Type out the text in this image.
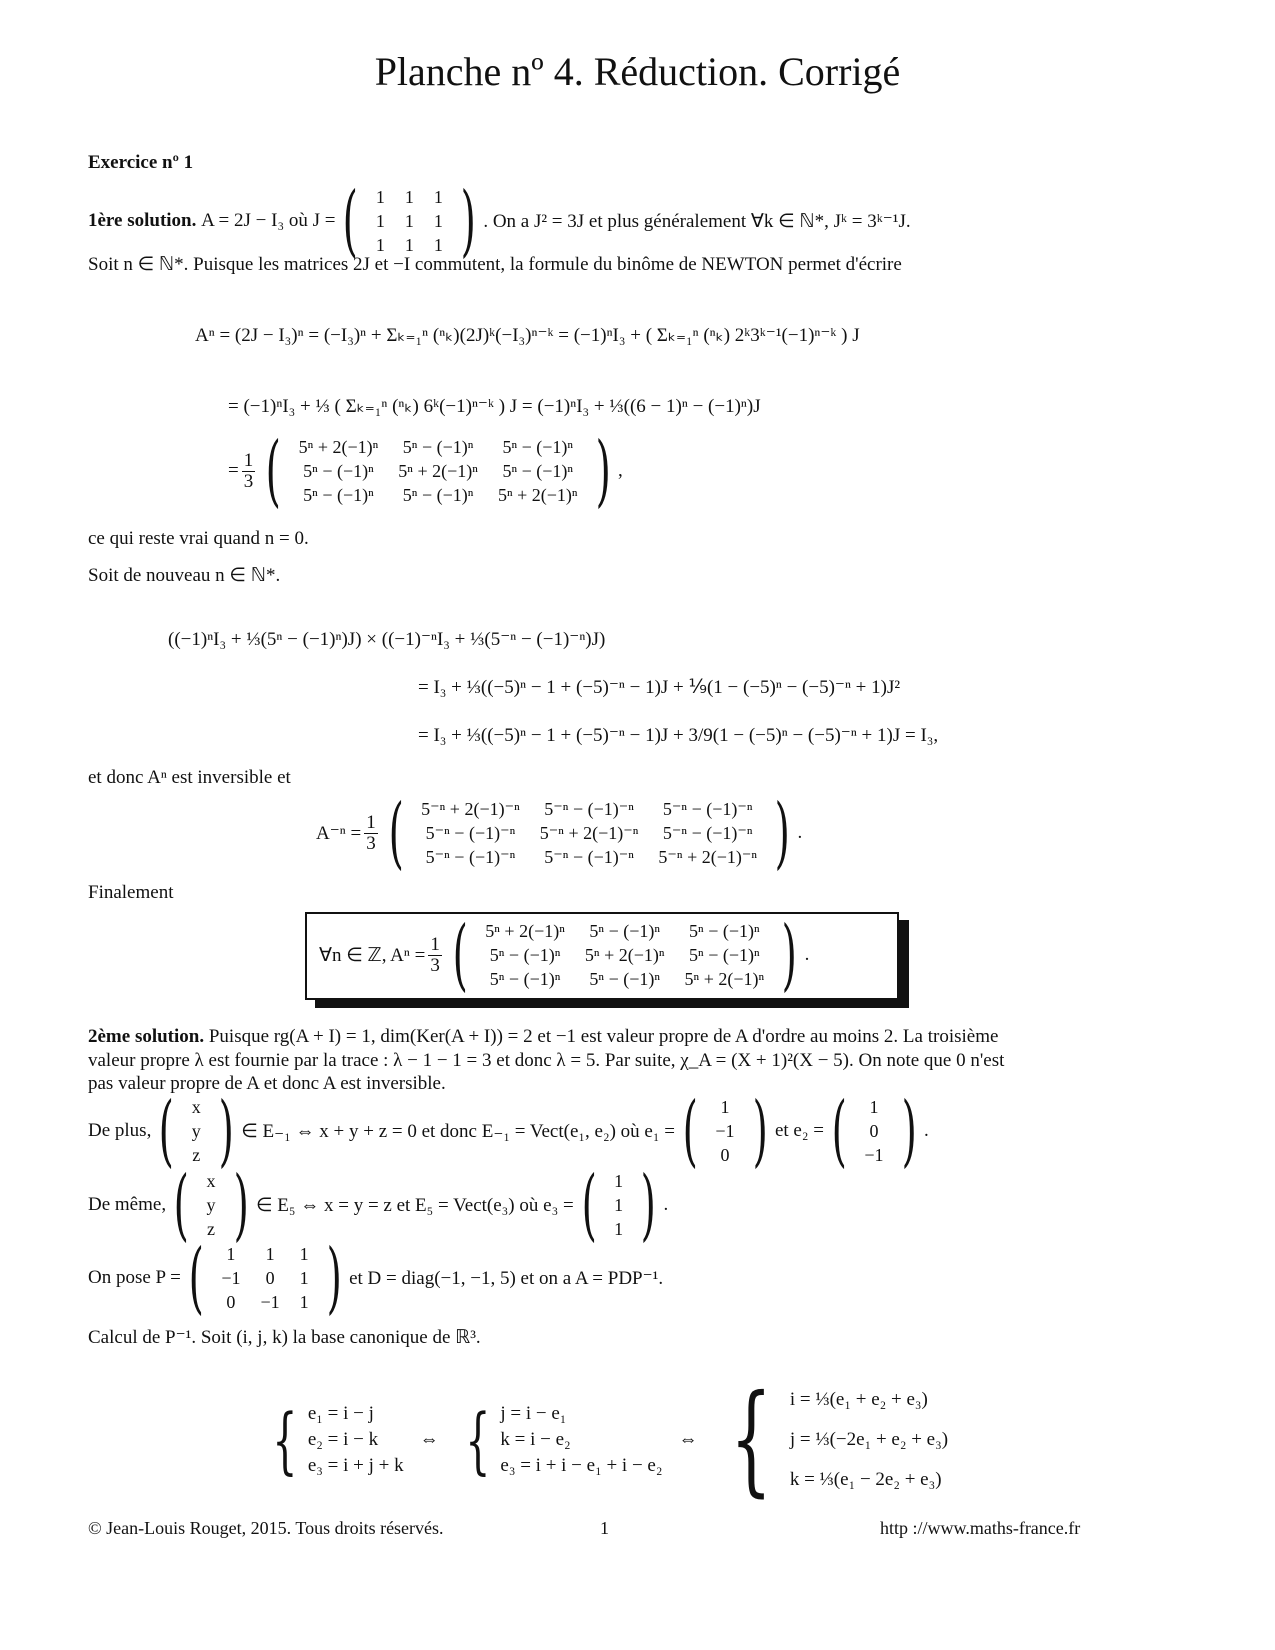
Planche nº 4. Réduction. Corrigé
Exercice nº 1
1ère solution.
A = 2J − I₃ où J = ( 1	1	1
1	1	1
1	1	1 ) . On a J² = 3J et plus généralement ∀k ∈ ℕ*, Jᵏ = 3ᵏ⁻¹J.
Soit n ∈ ℕ*. Puisque les matrices 2J et −I commutent, la formule du binôme de NEWTON permet d'écrire
Aⁿ = (2J − I₃)ⁿ = (−I₃)ⁿ + Σₖ₌₁ⁿ (ⁿₖ)(2J)ᵏ(−I₃)ⁿ⁻ᵏ = (−1)ⁿI₃ + ( Σₖ₌₁ⁿ (ⁿₖ) 2ᵏ3ᵏ⁻¹(−1)ⁿ⁻ᵏ ) J
= (−1)ⁿI₃ + ⅓ ( Σₖ₌₁ⁿ (ⁿₖ) 6ᵏ(−1)ⁿ⁻ᵏ ) J = (−1)ⁿI₃ + ⅓((6 − 1)ⁿ − (−1)ⁿ)J
= $\frac{1}{3}$ ( 5ⁿ + 2(−1)ⁿ	5ⁿ − (−1)ⁿ	5ⁿ − (−1)ⁿ
5ⁿ − (−1)ⁿ	5ⁿ + 2(−1)ⁿ	5ⁿ − (−1)ⁿ
5ⁿ − (−1)ⁿ	5ⁿ − (−1)ⁿ	5ⁿ + 2(−1)ⁿ ) ,
ce qui reste vrai quand n = 0.
Soit de nouveau n ∈ ℕ*.
((−1)ⁿI₃ + ⅓(5ⁿ − (−1)ⁿ)J) × ((−1)⁻ⁿI₃ + ⅓(5⁻ⁿ − (−1)⁻ⁿ)J)
= I₃ + ⅓((−5)ⁿ − 1 + (−5)⁻ⁿ − 1)J + ⅑(1 − (−5)ⁿ − (−5)⁻ⁿ + 1)J²
= I₃ + ⅓((−5)ⁿ − 1 + (−5)⁻ⁿ − 1)J + 3/9(1 − (−5)ⁿ − (−5)⁻ⁿ + 1)J = I₃,
et donc Aⁿ est inversible et
$A^{-n} = \frac{1}{3}$ ( 5⁻ⁿ + 2(−1)⁻ⁿ	5⁻ⁿ − (−1)⁻ⁿ	5⁻ⁿ − (−1)⁻ⁿ
5⁻ⁿ − (−1)⁻ⁿ	5⁻ⁿ + 2(−1)⁻ⁿ	5⁻ⁿ − (−1)⁻ⁿ
5⁻ⁿ − (−1)⁻ⁿ	5⁻ⁿ − (−1)⁻ⁿ	5⁻ⁿ + 2(−1)⁻ⁿ ) .
Finalement
∀n ∈ ℤ, $A^n = \frac{1}{3}$ ( 5ⁿ + 2(−1)ⁿ	5ⁿ − (−1)ⁿ	5ⁿ − (−1)ⁿ
5ⁿ − (−1)ⁿ	5ⁿ + 2(−1)ⁿ	5ⁿ − (−1)ⁿ
5ⁿ − (−1)ⁿ	5ⁿ − (−1)ⁿ	5ⁿ + 2(−1)ⁿ ) .
2ème solution. Puisque rg(A + I) = 1, dim(Ker(A + I)) = 2 et −1 est valeur propre de A d'ordre au moins 2. La troisième
valeur propre λ est fournie par la trace : λ − 1 − 1 = 3 et donc λ = 5. Par suite, χ_A = (X + 1)²(X − 5). On note que 0 n'est
pas valeur propre de A et donc A est inversible.
De plus, ( x
y
z ) ∈ E₋₁ ⇔ x + y + z = 0 et donc E₋₁ = Vect(e₁, e₂) où e₁ = ( 1
−1
0 ) et e₂ = ( 1
0
−1 ) .
De même, ( x
y
z ) ∈ E₅ ⇔ x = y = z et E₅ = Vect(e₃) où e₃ = ( 1
1
1 ) .
On pose P = ( 1	1	1
−1	0	1
0	−1	1 ) et D = diag(−1, −1, 5) et on a A = PDP⁻¹.
Calcul de P⁻¹. Soit (i, j, k) la base canonique de ℝ³.
{ e₁ = i − j
e₂ = i − k
e₃ = i + j + k
⇔ { j = i − e₁
k = i − e₂
e₃ = i + i − e₁ + i − e₂
⇔ { i = ⅓(e₁ + e₂ + e₃)
j = ⅓(−2e₁ + e₂ + e₃)
k = ⅓(e₁ − 2e₂ + e₃)
© Jean-Louis Rouget, 2015. Tous droits réservés.	1	http ://www.maths-france.fr
